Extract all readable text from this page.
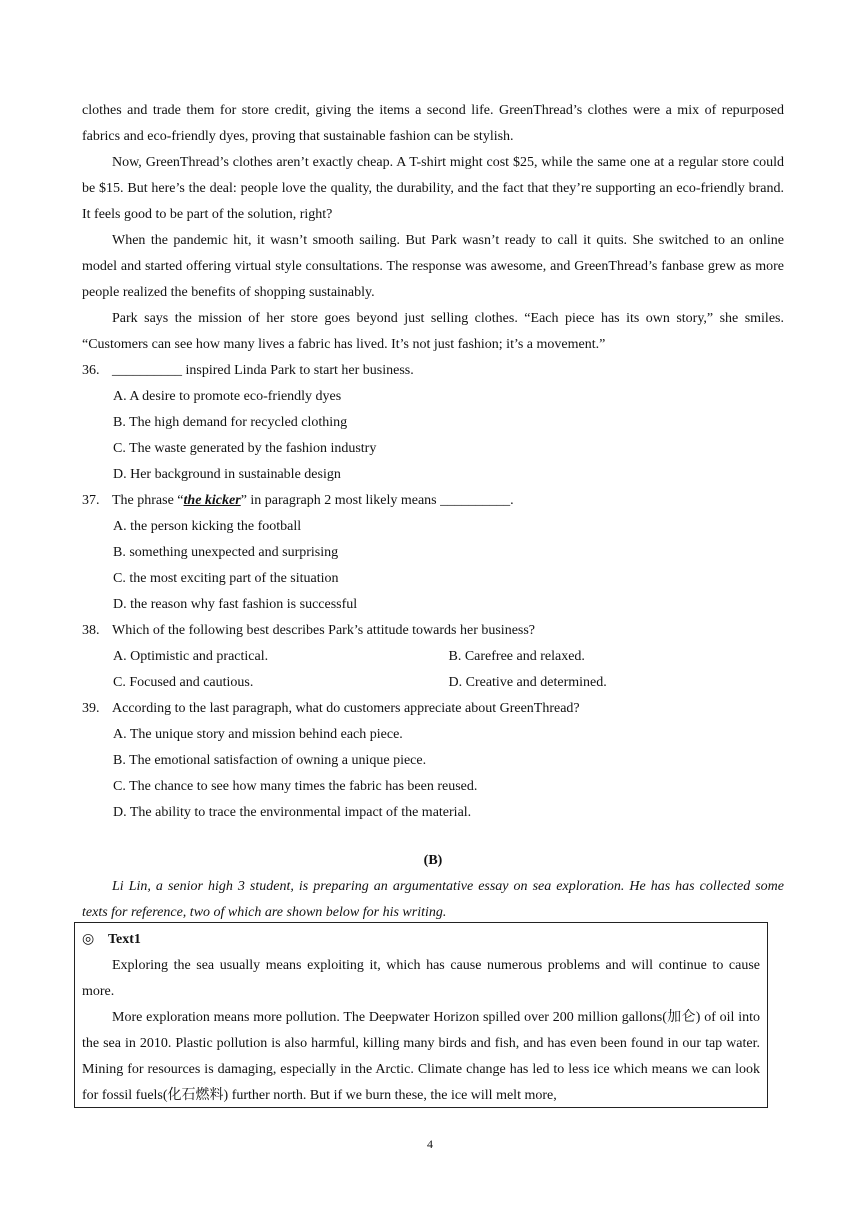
clothes and trade them for store credit, giving the items a second life. GreenThread’s clothes were a mix of repurposed fabrics and eco-friendly dyes, proving that sustainable fashion can be stylish.

Now, GreenThread’s clothes aren’t exactly cheap. A T-shirt might cost $25, while the same one at a regular store could be $15. But here’s the deal: people love the quality, the durability, and the fact that they’re supporting an eco-friendly brand. It feels good to be part of the solution, right?

When the pandemic hit, it wasn’t smooth sailing. But Park wasn’t ready to call it quits. She switched to an online model and started offering virtual style consultations. The response was awesome, and GreenThread’s fanbase grew as more people realized the benefits of shopping sustainably.

Park says the mission of her store goes beyond just selling clothes. “Each piece has its own story,” she smiles. “Customers can see how many lives a fabric has lived. It’s not just fashion; it’s a movement.”

36. __________ inspired Linda Park to start her business.
A. A desire to promote eco-friendly dyes
B. The high demand for recycled clothing
C. The waste generated by the fashion industry
D. Her background in sustainable design
37. The phrase “the kicker” in paragraph 2 most likely means __________.
A. the person kicking the football
B. something unexpected and surprising
C. the most exciting part of the situation
D. the reason why fast fashion is successful
38. Which of the following best describes Park’s attitude towards her business?
A. Optimistic and practical.	B. Carefree and relaxed.
C. Focused and cautious.	D. Creative and determined.
39. According to the last paragraph, what do customers appreciate about GreenThread?
A. The unique story and mission behind each piece.
B. The emotional satisfaction of owning a unique piece.
C. The chance to see how many times the fabric has been reused.
D. The ability to trace the environmental impact of the material.
(B)

Li Lin, a senior high 3 student, is preparing an argumentative essay on sea exploration. He has has collected some texts for reference, two of which are shown below for his writing.

◎ Text1

Exploring the sea usually means exploiting it, which has cause numerous problems and will continue to cause more.

More exploration means more pollution. The Deepwater Horizon spilled over 200 million gallons(加仑) of oil into the sea in 2010. Plastic pollution is also harmful, killing many birds and fish, and has even been found in our tap water. Mining for resources is damaging, especially in the Arctic. Climate change has led to less ice which means we can look for fossil fuels(化石燃料) further north. But if we burn these, the ice will melt more,

4
